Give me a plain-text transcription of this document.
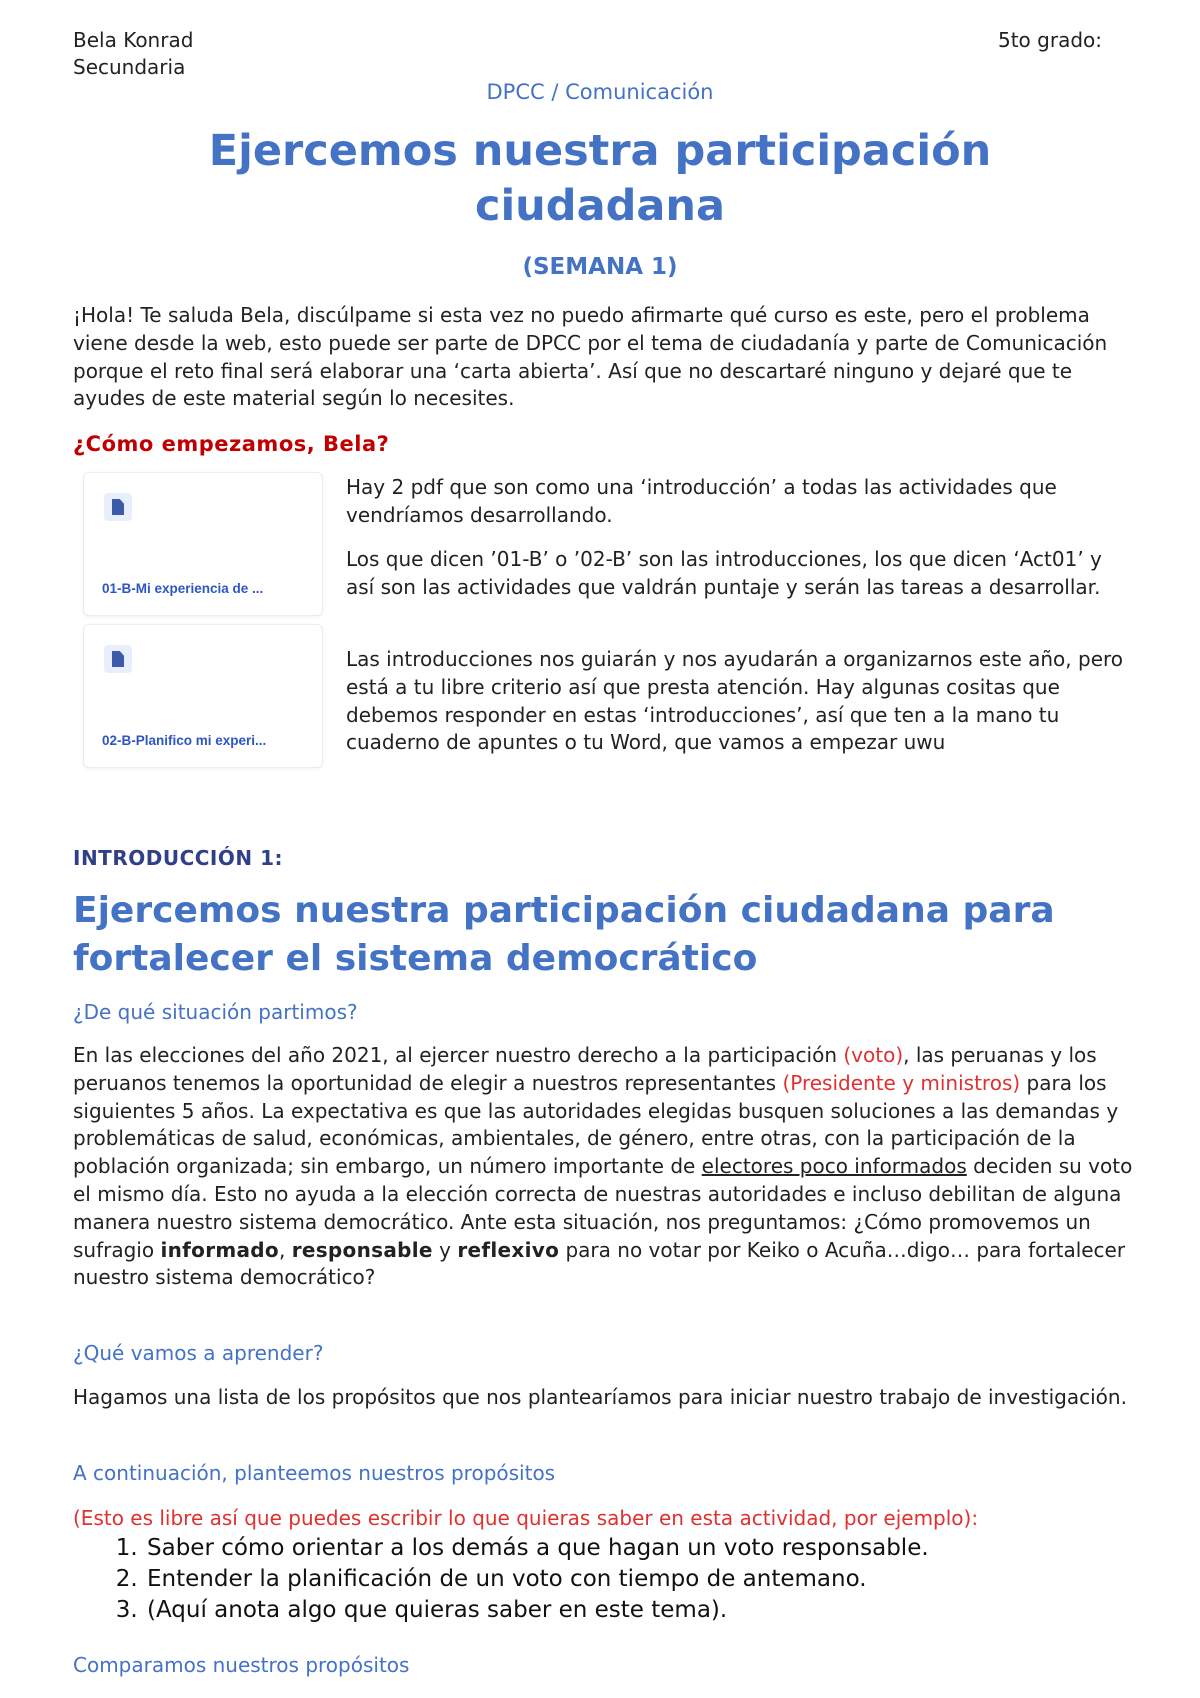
Bela Konrad
Secundaria
5to grado:
DPCC / Comunicación
Ejercemos nuestra participación ciudadana
(SEMANA 1)

¡Hola! Te saluda Bela, discúlpame si esta vez no puedo afirmarte qué curso es este, pero el problema viene desde la web, esto puede ser parte de DPCC por el tema de ciudadanía y parte de Comunicación porque el reto final será elaborar una ‘carta abierta’. Así que no descartaré ninguno y dejaré que te ayudes de este material según lo necesites.

¿Cómo empezamos, Bela?
01-B-Mi experiencia de ...
02-B-Planifico mi experi...

Hay 2 pdf que son como una ‘introducción’ a todas las actividades que vendríamos desarrollando.

Los que dicen ’01-B’ o ’02-B’ son las introducciones, los que dicen ‘Act01’ y así son las actividades que valdrán puntaje y serán las tareas a desarrollar.

Las introducciones nos guiarán y nos ayudarán a organizarnos este año, pero está a tu libre criterio así que presta atención. Hay algunas cositas que debemos responder en estas ‘introducciones’, así que ten a la mano tu cuaderno de apuntes o tu Word, que vamos a empezar uwu

INTRODUCCIÓN 1:
Ejercemos nuestra participación ciudadana para fortalecer el sistema democrático
¿De qué situación partimos?

En las elecciones del año 2021, al ejercer nuestro derecho a la participación (voto), las peruanas y los peruanos tenemos la oportunidad de elegir a nuestros representantes (Presidente y ministros) para los siguientes 5 años. La expectativa es que las autoridades elegidas busquen soluciones a las demandas y problemáticas de salud, económicas, ambientales, de género, entre otras, con la participación de la población organizada; sin embargo, un número importante de electores poco informados deciden su voto el mismo día. Esto no ayuda a la elección correcta de nuestras autoridades e incluso debilitan de alguna manera nuestro sistema democrático. Ante esta situación, nos preguntamos: ¿Cómo promovemos un sufragio informado, responsable y reflexivo para no votar por Keiko o Acuña…digo… para fortalecer nuestro sistema democrático?

¿Qué vamos a aprender?

Hagamos una lista de los propósitos que nos plantearíamos para iniciar nuestro trabajo de investigación.

A continuación, planteemos nuestros propósitos
(Esto es libre así que puedes escribir lo que quieras saber en esta actividad, por ejemplo):
1. Saber cómo orientar a los demás a que hagan un voto responsable.
2. Entender la planificación de un voto con tiempo de antemano.
3. (Aquí anota algo que quieras saber en este tema).
Comparamos nuestros propósitos
